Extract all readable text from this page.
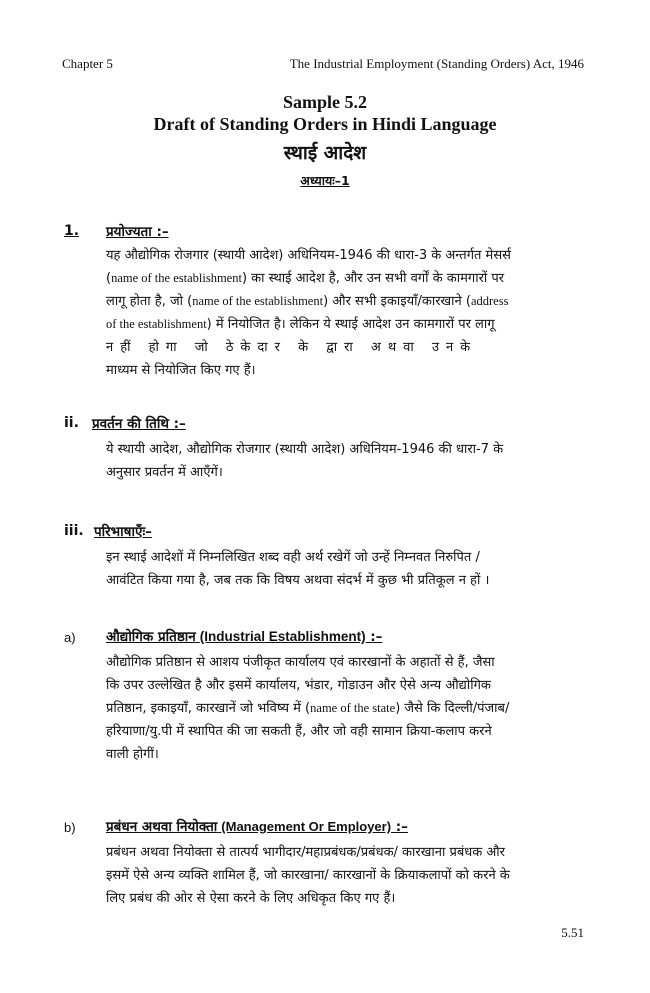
Chapter 5	The Industrial Employment (Standing Orders) Act, 1946
Sample 5.2
Draft of Standing Orders in Hindi Language
स्थाई आदेश
अध्यायः–1
1. प्रयोज्यता :–
यह औद्योगिक रोजगार (स्थायी आदेश) अधिनियम-1946 की धारा-3 के अन्तर्गत मेसर्स
(name of the establishment) का स्थाई आदेश है, और उन सभी वर्गों के कामगारों पर
लागू होता है, जो (name of the establishment) और सभी इकाइयाँ/कारखाने (address
of the establishment) में नियोजित है। लेकिन ये स्थाई आदेश उन कामगारों पर लागू
नहीं होगा जो ठेकेदार के द्वारा अथवा उनके
माध्यम से नियोजित किए गए हैं।
ii. प्रवर्तन की तिथि :–
ये स्थायी आदेश, औद्योगिक रोजगार (स्थायी आदेश) अधिनियम-1946 की धारा-7 के
अनुसार प्रवर्तन में आएँगें।
iii. परिभाषाएँः–
इन स्थाई आदेशों में निम्नलिखित शब्द वही अर्थ रखेगें जो उन्हें निम्नवत निरुपित /
आवंटित किया गया है, जब तक कि विषय अथवा संदर्भ में कुछ भी प्रतिकूल न हों ।
a) औद्योगिक प्रतिष्ठान (Industrial Establishment) :–
औद्योगिक प्रतिष्ठान से आशय पंजीकृत कार्यालय एवं कारखानों के अहातों से हैं, जैसा
कि उपर उल्लेखित है और इसमें कार्यालय, भंडार, गोडाउन और ऐसे अन्य औद्योगिक
प्रतिष्ठान, इकाइयाँ, कारखानें जो भविष्य में (name of the state) जैसे कि दिल्ली/पंजाब/
हरियाणा/यु.पी में स्थापित की जा सकती हैं, और जो वही सामान क्रिया-कलाप करने
वाली होगीं।
b) प्रबंधन अथवा नियोक्ता (Management Or Employer) :–
प्रबंधन अथवा नियोक्ता से तात्पर्य भागीदार/महाप्रबंधक/प्रबंधक/ कारखाना प्रबंधक और
इसमें ऐसे अन्य व्यक्ति शामिल हैं, जो कारखाना/ कारखानों के क्रियाकलापों को करने के
लिए प्रबंध की ओर से ऐसा करने के लिए अधिकृत किए गए हैं।
5.51
